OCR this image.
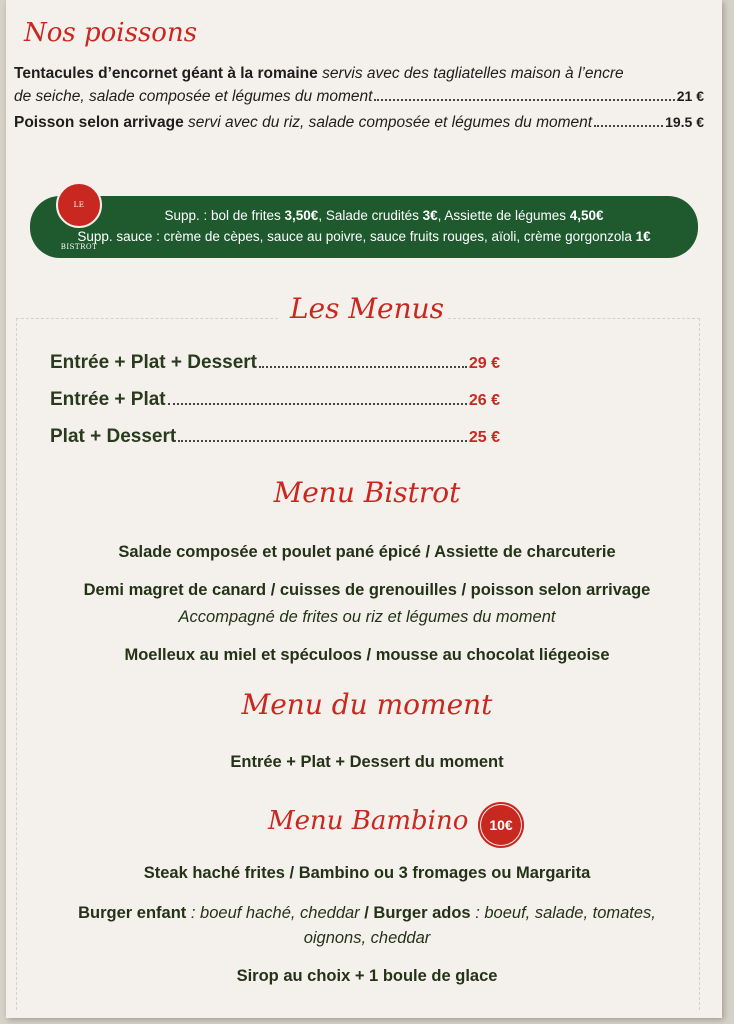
Nos poissons
Tentacules d’encornet géant à la romaine servis avec des tagliatelles maison à l’encre
de seiche, salade composée et légumes du moment	21 €
Poisson selon arrivage servi avec du riz, salade composée et légumes du moment	19.5 €
LE BISTROT
Supp. : bol de frites 3,50€, Salade crudités 3€, Assiette de légumes 4,50€
Supp. sauce : crème de cèpes, sauce au poivre, sauce fruits rouges, aïoli, crème gorgonzola 1€
Les Menus
Entrée + Plat + Dessert	29 €
Entrée + Plat	26 €
Plat + Dessert	25 €
Menu Bistrot
Salade composée et poulet pané épicé / Assiette de charcuterie
Demi magret de canard / cuisses de grenouilles / poisson selon arrivage
Accompagné de frites ou riz et légumes du moment
Moelleux au miel et spéculoos / mousse au chocolat liégeoise
Menu du moment
Entrée + Plat + Dessert du moment
Menu Bambino	10€
Steak haché frites / Bambino ou 3 fromages ou Margarita
Burger enfant : boeuf haché, cheddar / Burger ados : boeuf, salade, tomates,
oignons, cheddar
Sirop au choix + 1 boule de glace
